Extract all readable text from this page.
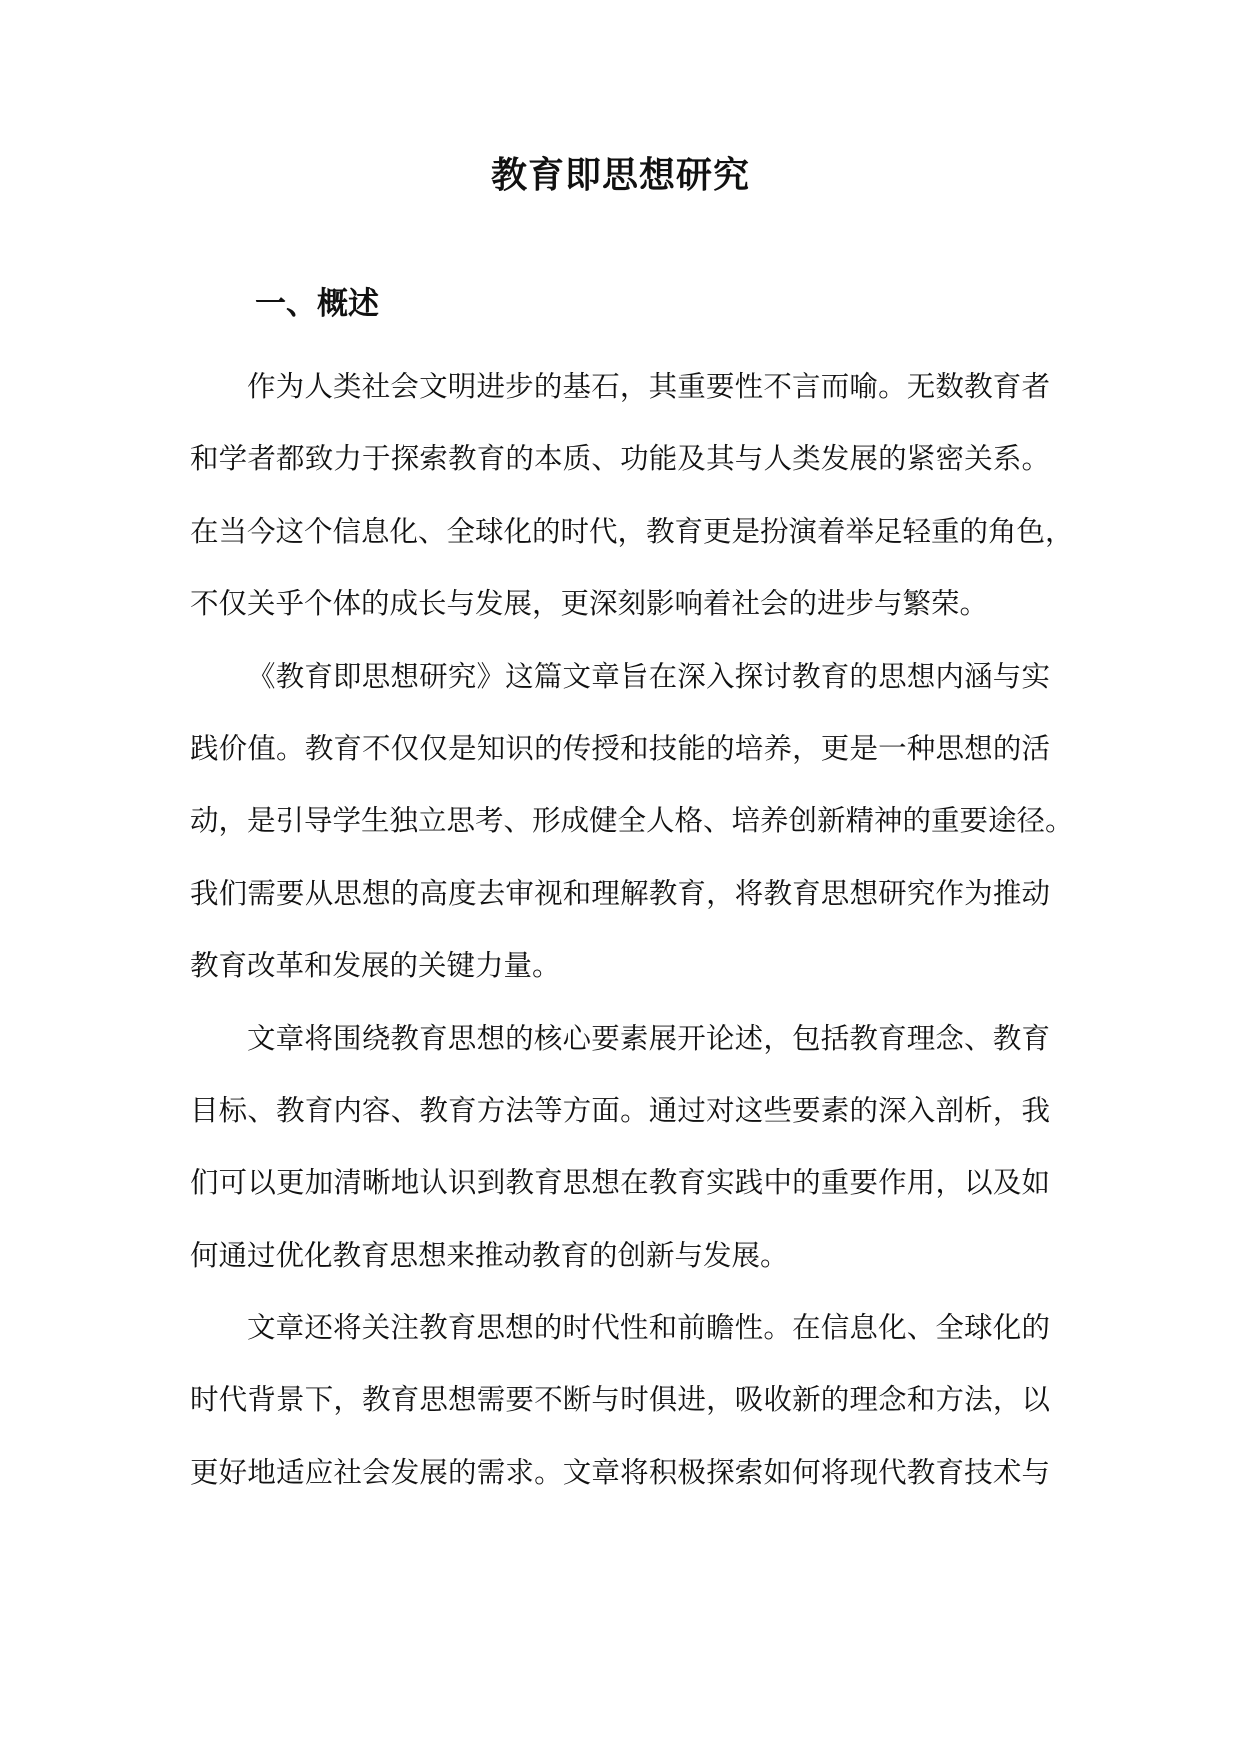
教育即思想研究
一、概述
作为人类社会文明进步的基石，其重要性不言而喻。无数教育者
和学者都致力于探索教育的本质、功能及其与人类发展的紧密关系。
在当今这个信息化、全球化的时代，教育更是扮演着举足轻重的角色，
不仅关乎个体的成长与发展，更深刻影响着社会的进步与繁荣。
《教育即思想研究》这篇文章旨在深入探讨教育的思想内涵与实
践价值。教育不仅仅是知识的传授和技能的培养，更是一种思想的活
动，是引导学生独立思考、形成健全人格、培养创新精神的重要途径。
我们需要从思想的高度去审视和理解教育，将教育思想研究作为推动
教育改革和发展的关键力量。
文章将围绕教育思想的核心要素展开论述，包括教育理念、教育
目标、教育内容、教育方法等方面。通过对这些要素的深入剖析，我
们可以更加清晰地认识到教育思想在教育实践中的重要作用，以及如
何通过优化教育思想来推动教育的创新与发展。
文章还将关注教育思想的时代性和前瞻性。在信息化、全球化的
时代背景下，教育思想需要不断与时俱进，吸收新的理念和方法，以
更好地适应社会发展的需求。文章将积极探索如何将现代教育技术与
